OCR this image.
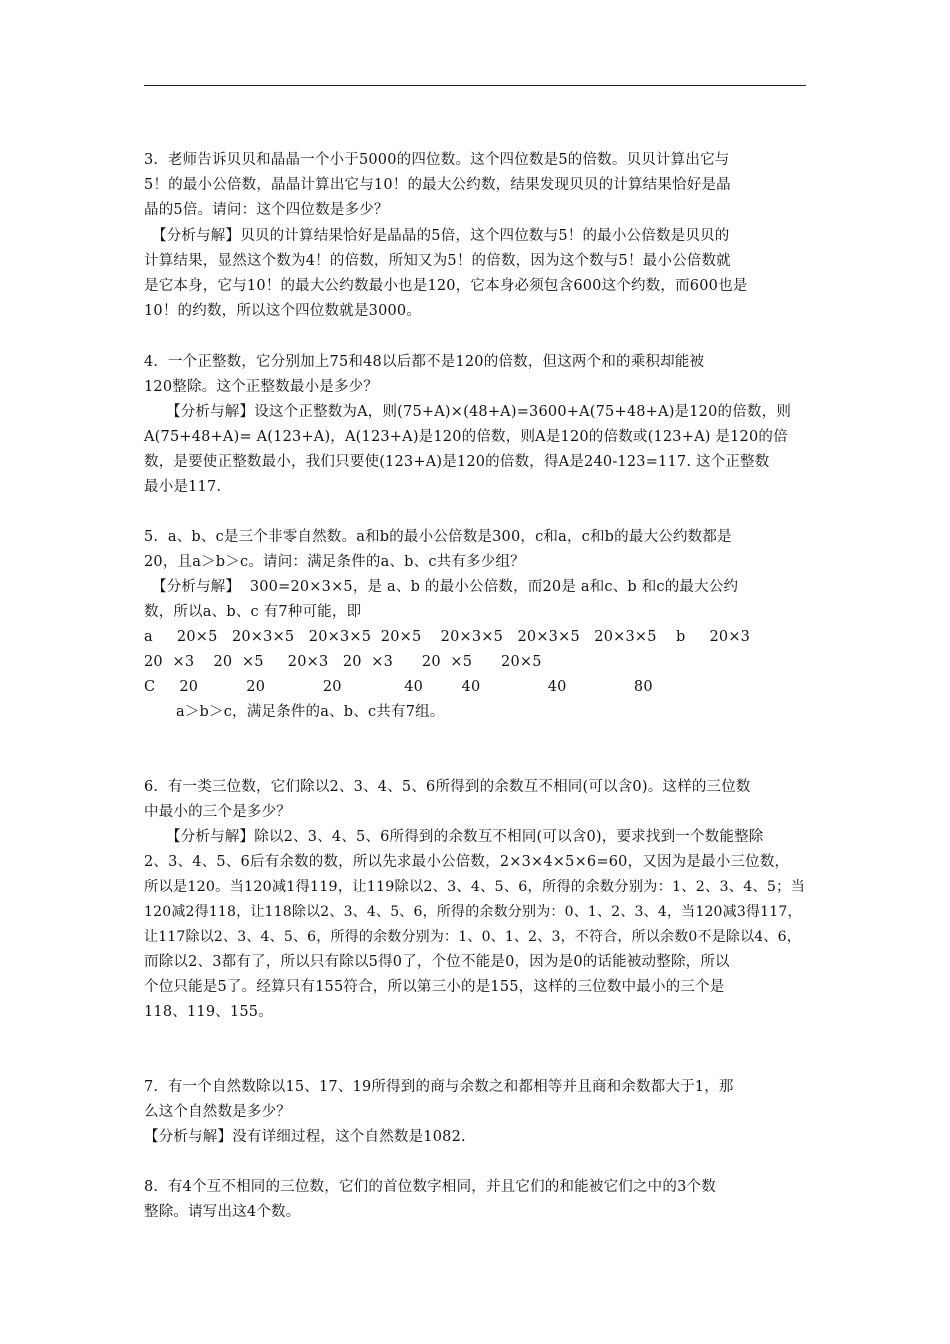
3.  老师告诉贝贝和晶晶一个小于5000的四位数。这个四位数是5的倍数。贝贝计算出它与
5！的最小公倍数，晶晶计算出它与10！的最大公约数，结果发现贝贝的计算结果恰好是晶
晶的5倍。请问：这个四位数是多少？
【分析与解】贝贝的计算结果恰好是晶晶的5倍，这个四位数与5！的最小公倍数是贝贝的
计算结果，显然这个数为4！的倍数，所知又为5！的倍数，因为这个数与5！最小公倍数就
是它本身，它与10！的最大公约数最小也是120，它本身必须包含600这个约数，而600也是
10！的约数，所以这个四位数就是3000。
4.  一个正整数，它分别加上75和48以后都不是120的倍数，但这两个和的乘积却能被
120整除。这个正整数最小是多少？
【分析与解】设这个正整数为A，则(75+A)×(48+A)=3600+A(75+48+A)是120的倍数，则
A(75+48+A)= A(123+A)，A(123+A)是120的倍数，则A是120的倍数或(123+A) 是120的倍
数，是要使正整数最小，我们只要使(123+A)是120的倍数，得A是240-123=117. 这个正整数
最小是117.
5.  a、b、c是三个非零自然数。a和b的最小公倍数是300，c和a，c和b的最大公约数都是
20，且a＞b＞c。请问：满足条件的a、b、c共有多少组？
【分析与解】  300=20×3×5，是 a、b 的最小公倍数，而20是 a和c、b 和c的最大公约
数，所以a、b、c 有7种可能，即
a     20×5   20×3×5   20×3×5  20×5    20×3×5   20×3×5   20×3×5    b     20×3
20  ×3    20  ×5     20×3   20  ×3      20  ×5      20×5
C     20          20            20             40        40              40              80
a＞b＞c，满足条件的a、b、c共有7组。
6.  有一类三位数，它们除以2、3、4、5、6所得到的余数互不相同(可以含0)。这样的三位数
中最小的三个是多少？
【分析与解】除以2、3、4、5、6所得到的余数互不相同(可以含0)，要求找到一个数能整除
2、3、4、5、6后有余数的数，所以先求最小公倍数，2×3×4×5×6=60，又因为是最小三位数，
所以是120。当120减1得119，让119除以2、3、4、5、6，所得的余数分别为：1、2、3、4、5；当
120减2得118，让118除以2、3、4、5、6，所得的余数分别为：0、1、2、3、4，当120减3得117，
让117除以2、3、4、5、6，所得的余数分别为：1、0、1、2、3，不符合，所以余数0不是除以4、6，
而除以2、3都有了，所以只有除以5得0了，个位不能是0，因为是0的话能被动整除，所以
个位只能是5了。经算只有155符合，所以第三小的是155，这样的三位数中最小的三个是
118、119、155。
7.  有一个自然数除以15、17、19所得到的商与余数之和都相等并且商和余数都大于1，那
么这个自然数是多少？
【分析与解】没有详细过程，这个自然数是1082.
8.  有4个互不相同的三位数，它们的首位数字相同，并且它们的和能被它们之中的3个数
整除。请写出这4个数。
